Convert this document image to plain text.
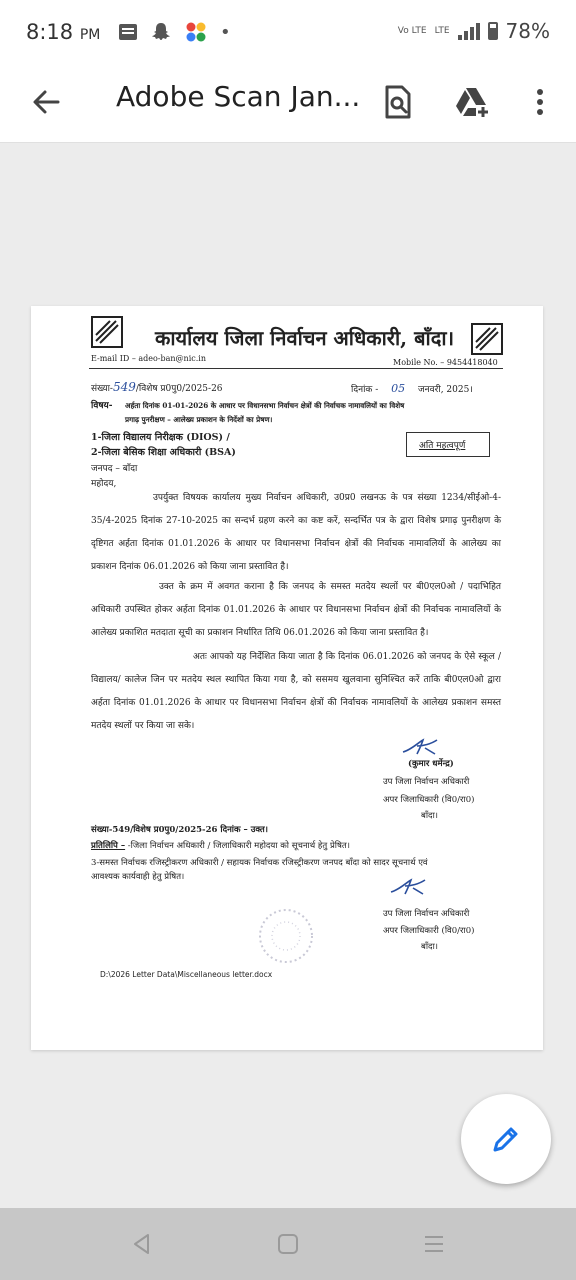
8:18 PM	•	Vo LTE LTE	78%
Adobe Scan Jan...
कार्यालय जिला निर्वाचन अधिकारी, बाँदा।
E-mail ID – adeo-ban@nic.in	Mobile No. – 9454418040
संख्या-549/विशेष प्र0पु0/2025-26	दिनांक - 05 जनवरी, 2025।
विषय- अर्हता दिनांक 01-01-2026 के आधार पर विधानसभा निर्वाचन क्षेत्रों की निर्वाचक नामावलियों का विशेष
प्रगाढ़ पुनरीक्षण – आलेख्य प्रकाशन के निर्देशों का प्रेषण।
1-जिला विद्यालय निरीक्षक (DIOS) /
2-जिला बेसिक शिक्षा अधिकारी (BSA)
जनपद – बाँदा
महोदय,
अति महत्वपूर्ण
उपर्युक्त विषयक कार्यालय मुख्य निर्वाचन अधिकारी, उ0प्र0 लखनऊ के पत्र संख्या 1234/सीईओ-4-35/4-2025 दिनांक 27-10-2025 का सन्दर्भ ग्रहण करने का कष्ट करें, सन्दर्भित पत्र के द्वारा विशेष प्रगाढ़ पुनरीक्षण के दृष्टिगत अर्हता दिनांक 01.01.2026 के आधार पर विधानसभा निर्वाचन क्षेत्रों की निर्वाचक नामावलियों के आलेख्य का प्रकाशन दिनांक 06.01.2026 को किया जाना प्रस्तावित है।
उक्त के क्रम में अवगत कराना है कि जनपद के समस्त मतदेय स्थलों पर बी0एल0ओ / पदाभिहित अधिकारी उपस्थित होकर अर्हता दिनांक 01.01.2026 के आधार पर विधानसभा निर्वाचन क्षेत्रों की निर्वाचक नामावलियों के आलेख्य प्रकाशित मतदाता सूची का प्रकाशन निर्धारित तिथि 06.01.2026 को किया जाना प्रस्तावित है।
अतः आपको यह निर्देशित किया जाता है कि दिनांक 06.01.2026 को जनपद के ऐसे स्कूल / विद्यालय/ कालेज जिन पर मतदेय स्थल स्थापित किया गया है, को ससमय खुलवाना सुनिश्चित करें ताकि बी0एल0ओ द्वारा अर्हता दिनांक 01.01.2026 के आधार पर विधानसभा निर्वाचन क्षेत्रों की निर्वाचक नामावलियों के आलेख्य प्रकाशन समस्त मतदेय स्थलों पर किया जा सके।
(कुमार धर्मेन्द्र)
उप जिला निर्वाचन अधिकारी
अपर जिलाधिकारी (वि0/रा0)
बाँदा।
संख्या-549/विशेष प्र0पु0/2025-26 दिनांक – उक्त।
प्रतिलिपि – -जिला निर्वाचन अधिकारी / जिलाधिकारी महोदया को सूचनार्थ हेतु प्रेषित।
3-समस्त निर्वाचक रजिस्ट्रीकरण अधिकारी / सहायक निर्वाचक रजिस्ट्रीकरण जनपद बाँदा को सादर सूचनार्थ एवं
आवश्यक कार्यवाही हेतु प्रेषित।
उप जिला निर्वाचन अधिकारी
अपर जिलाधिकारी (वि0/रा0)
बाँदा।
D:\2026 Letter Data\Miscellaneous letter.docx
